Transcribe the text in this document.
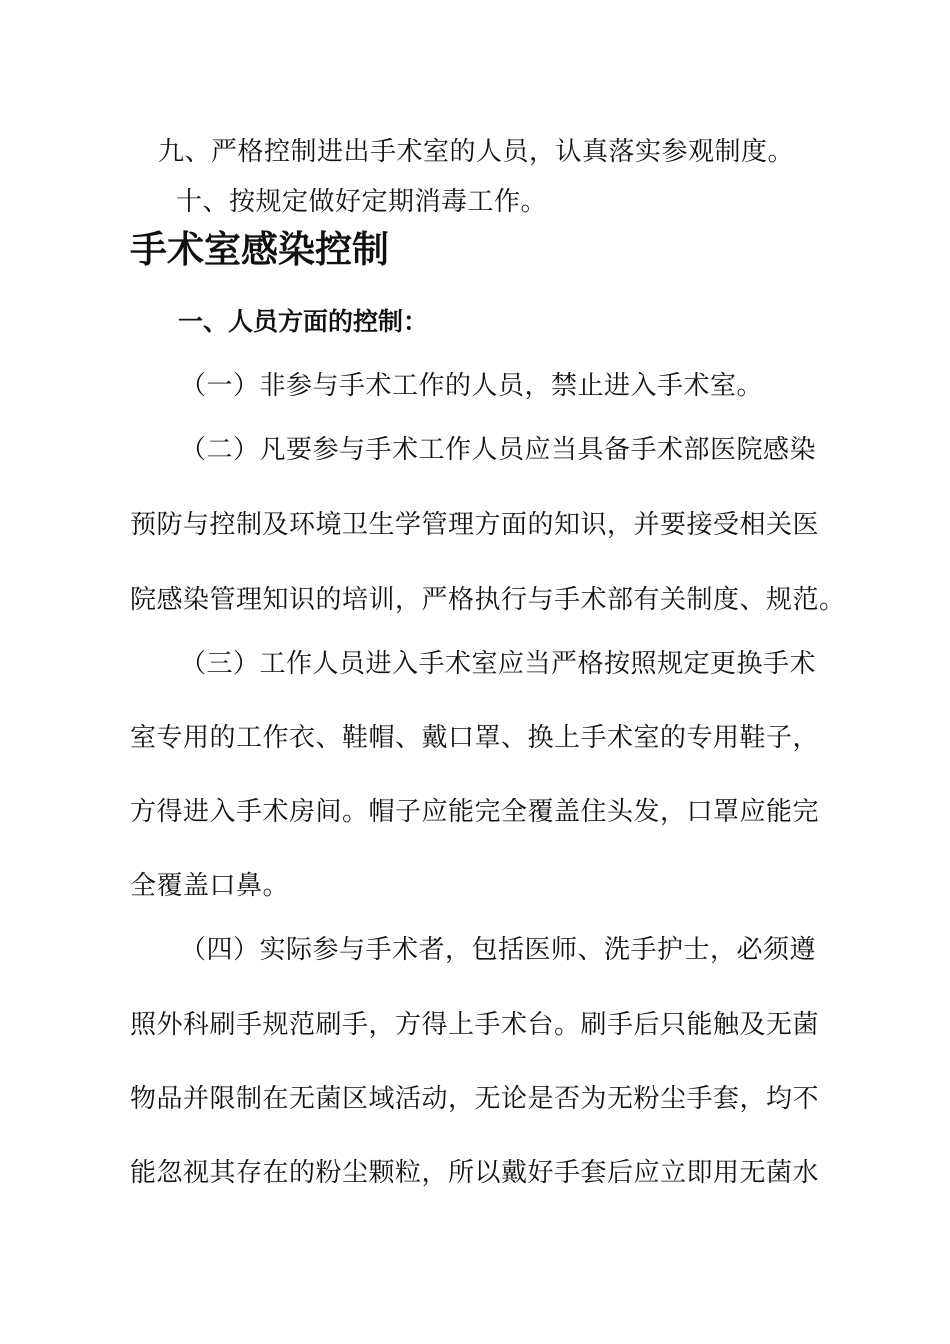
九、严格控制进出手术室的人员，认真落实参观制度。
十、按规定做好定期消毒工作。
手术室感染控制
一、人员方面的控制：
（一）非参与手术工作的人员，禁止进入手术室。
（二）凡要参与手术工作人员应当具备手术部医院感染
预防与控制及环境卫生学管理方面的知识，并要接受相关医
院感染管理知识的培训，严格执行与手术部有关制度、规范。
（三）工作人员进入手术室应当严格按照规定更换手术
室专用的工作衣、鞋帽、戴口罩、换上手术室的专用鞋子，
方得进入手术房间。帽子应能完全覆盖住头发，口罩应能完
全覆盖口鼻。
（四）实际参与手术者，包括医师、洗手护士，必须遵
照外科刷手规范刷手，方得上手术台。刷手后只能触及无菌
物品并限制在无菌区域活动，无论是否为无粉尘手套，均不
能忽视其存在的粉尘颗粒，所以戴好手套后应立即用无菌水
